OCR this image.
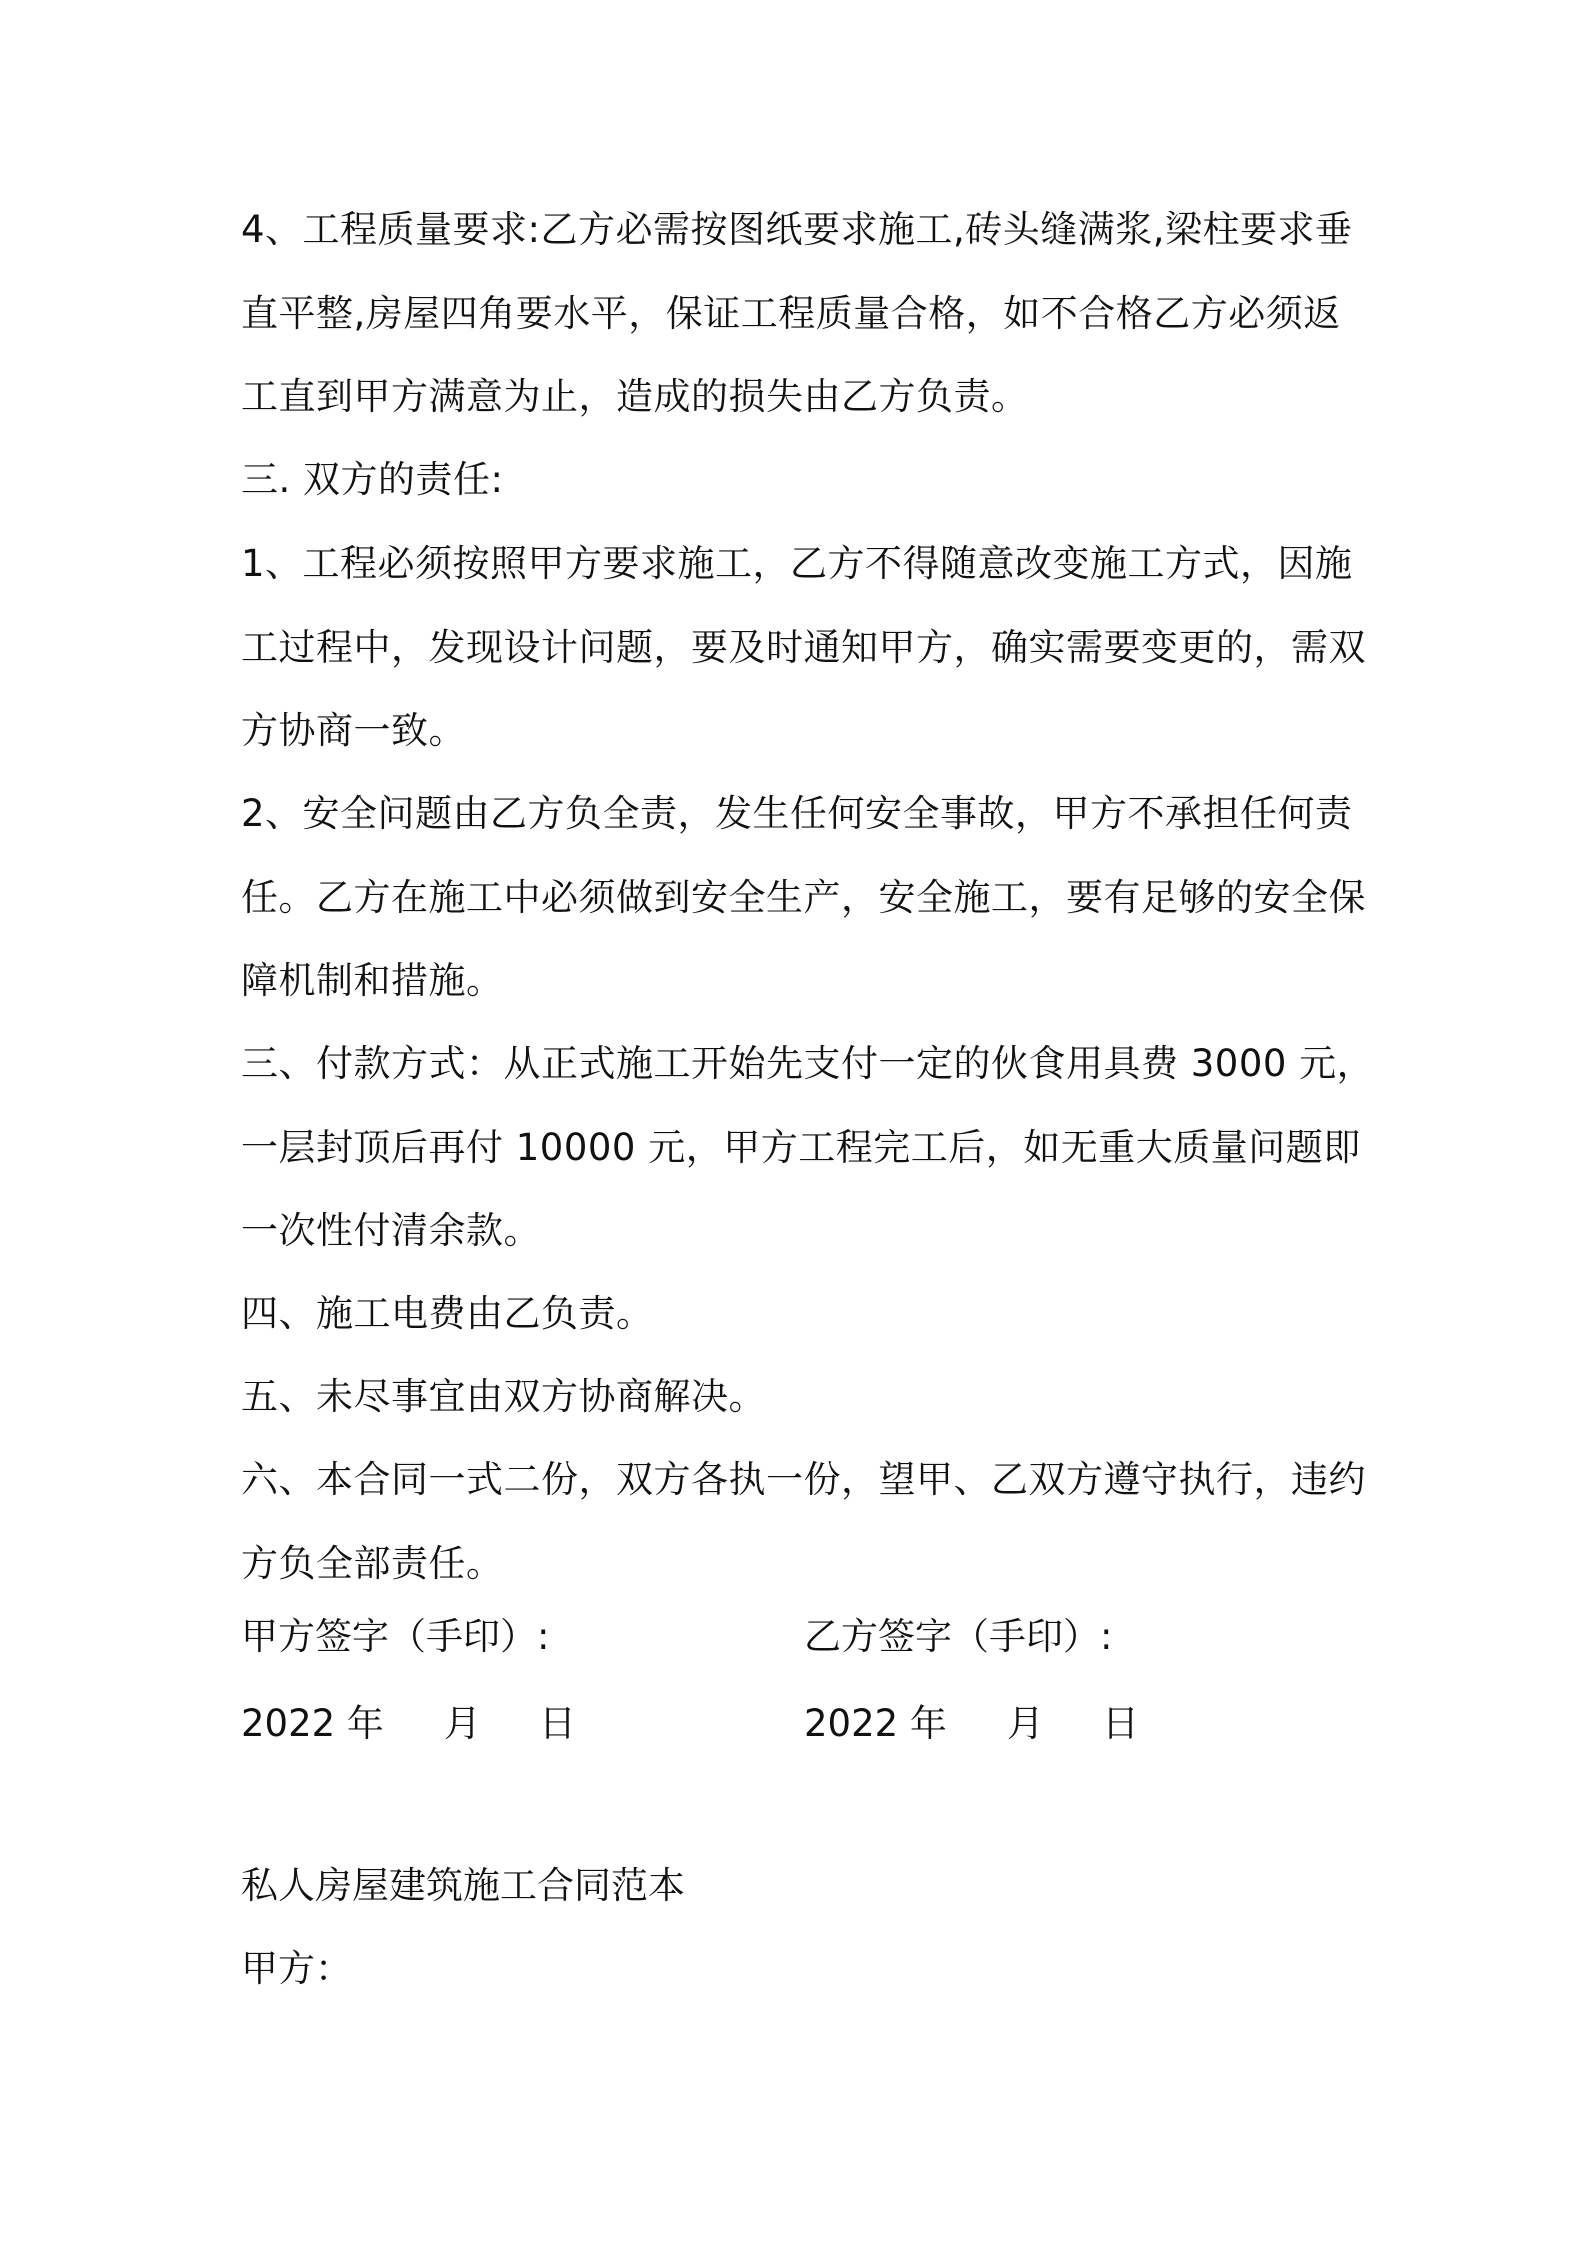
4、工程质量要求:乙方必需按图纸要求施工,砖头缝满浆,梁柱要求垂
直平整,房屋四角要水平，保证工程质量合格，如不合格乙方必须返
工直到甲方满意为止，造成的损失由乙方负责。
三. 双方的责任:
1、工程必须按照甲方要求施工，乙方不得随意改变施工方式，因施
工过程中，发现设计问题，要及时通知甲方，确实需要变更的，需双
方协商一致。
2、安全问题由乙方负全责，发生任何安全事故，甲方不承担任何责
任。乙方在施工中必须做到安全生产，安全施工，要有足够的安全保
障机制和措施。
三、付款方式：从正式施工开始先支付一定的伙食用具费 3000 元，
一层封顶后再付 10000 元，甲方工程完工后，如无重大质量问题即
一次性付清余款。
四、施工电费由乙负责。
五、未尽事宜由双方协商解决。
六、本合同一式二份，双方各执一份，望甲、乙双方遵守执行，违约
方负全部责任。
甲方签字（手印）:	乙方签字（手印）:
2022 年 月 日	2022 年 月 日
私人房屋建筑施工合同范本
甲方：
